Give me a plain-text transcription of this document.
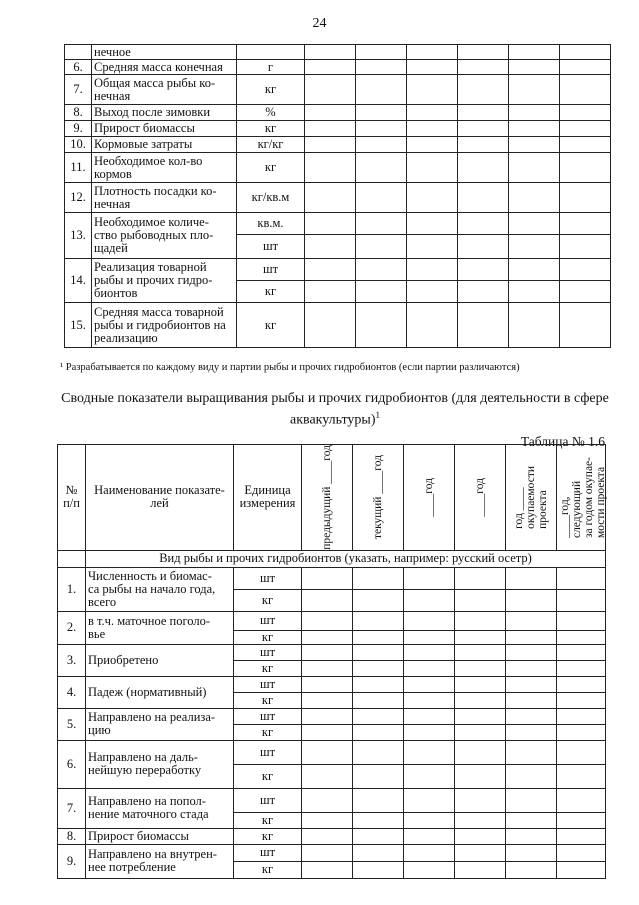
24

	нечное							

6.	Средняя масса конечная	г						

7.	Общая масса рыбы ко-
нечная	кг						

8.	Выход после зимовки	%						

9.	Прирост биомассы	кг						

10.	Кормовые затраты	кг/кг						

11.	Необходимое кол-во
кормов	кг						

12.	Плотность посадки ко-
нечная	кг/кв.м						

13.	Необходимое количе-
ство рыбоводных пло-
щадей	кв.м.						

		шт						

14.	Реализация товарной
рыбы и прочих гидро-
бионтов	шт						

		кг						

15.	Средняя масса товарной
рыбы и гидробионтов на
реализацию	кг						

¹ Разрабатывается по каждому виду и партии рыбы и прочих гидробионтов (если партии различаются)
Сводные показатели выращивания рыбы и прочих гидробионтов (для деятельности в сфере
аквакультуры)$^1$
Таблица № 1.6
№
п/п	Наименование показате-
лей	Единица
измерения	предыдущий ____год	текущий ____год	____год	____год	год ____
окупаемости
проекта	____год,
следующий
за годом окупае-
мости проекта

	Вид рыбы и прочих гидробионтов (указать, например: русский осетр)							

1.	Численность и биомас-
са рыбы на начало года,
всего	шт						

		кг						

2.	в т.ч. маточное поголо-
вье	шт						

		кг						

3.	Приобретено	шт						

		кг						

4.	Падеж (нормативный)	шт						

		кг						

5.	Направлено на реализа-
цию	шт						

		кг						

6.	Направлено на даль-
нейшую переработку	шт						

		кг						

7.	Направлено на попол-
нение маточного стада	шт						

		кг						

8.	Прирост биомассы	кг						

9.	Направлено на внутрен-
нее потребление	шт						

		кг						
